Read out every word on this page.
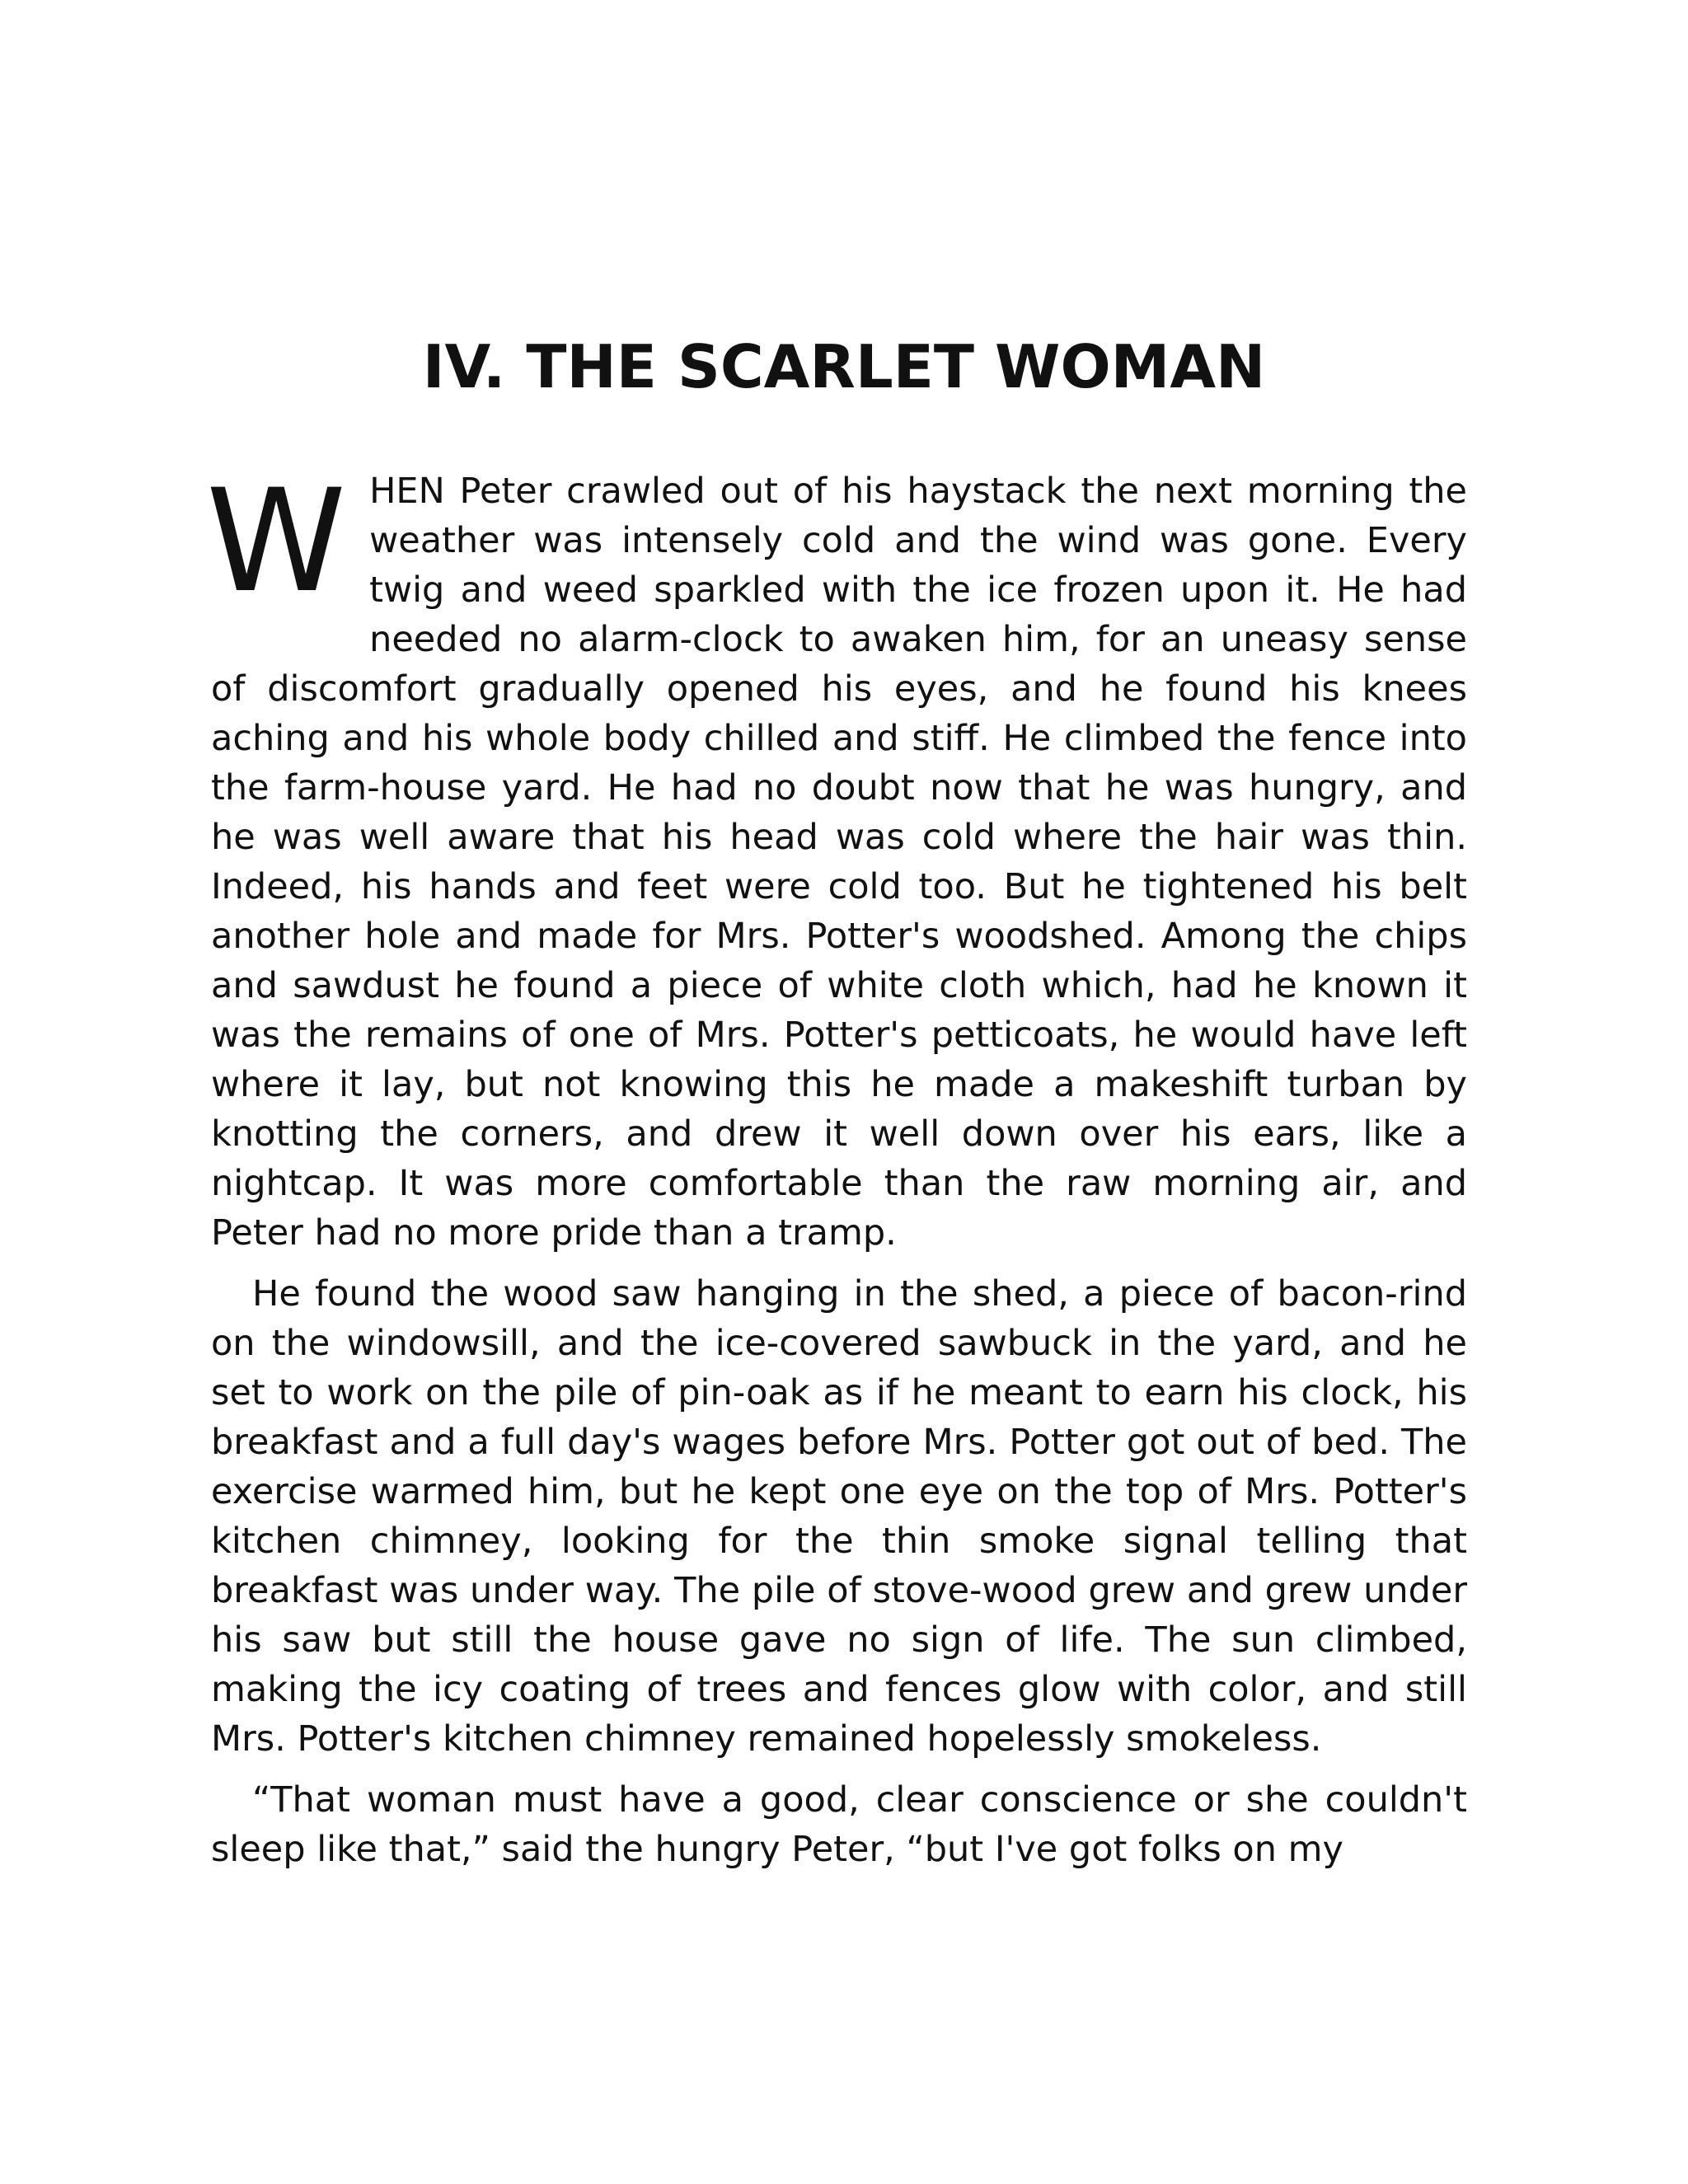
IV. THE SCARLET WOMAN

WHEN Peter crawled out of his haystack the next morning the weather was intensely cold and the wind was gone. Every twig and weed sparkled with the ice frozen upon it. He had needed no alarm-clock to awaken him, for an uneasy sense of discomfort gradually opened his eyes, and he found his knees aching and his whole body chilled and stiff. He climbed the fence into the farm-house yard. He had no doubt now that he was hungry, and he was well aware that his head was cold where the hair was thin. Indeed, his hands and feet were cold too. But he tightened his belt another hole and made for Mrs. Potter's woodshed. Among the chips and sawdust he found a piece of white cloth which, had he known it was the remains of one of Mrs. Potter's petticoats, he would have left where it lay, but not knowing this he made a makeshift turban by knotting the corners, and drew it well down over his ears, like a nightcap. It was more comfortable than the raw morning air, and Peter had no more pride than a tramp.

He found the wood saw hanging in the shed, a piece of bacon-rind on the windowsill, and the ice-covered sawbuck in the yard, and he set to work on the pile of pin-oak as if he meant to earn his clock, his breakfast and a full day's wages before Mrs. Potter got out of bed. The exercise warmed him, but he kept one eye on the top of Mrs. Potter's kitchen chimney, looking for the thin smoke signal telling that breakfast was under way. The pile of stove-wood grew and grew under his saw but still the house gave no sign of life. The sun climbed, making the icy coating of trees and fences glow with color, and still Mrs. Potter's kitchen chimney remained hopelessly smokeless.

“That woman must have a good, clear conscience or she couldn't sleep like that,” said the hungry Peter, “but I've got folks on my
